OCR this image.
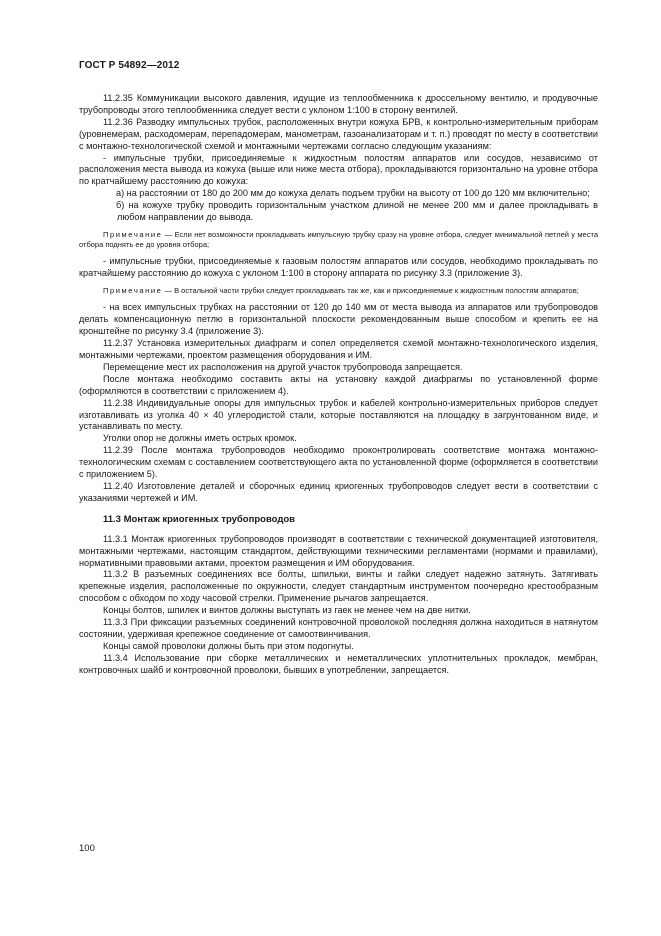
ГОСТ Р 54892—2012

11.2.35 Коммуникации высокого давления, идущие из теплообменника к дроссельному вентилю, и продувочные трубопроводы этого теплообменника следует вести с уклоном 1:100 в сторону вентилей.

11.2.36 Разводку импульсных трубок, расположенных внутри кожуха БРВ, к контрольно-измерительным приборам (уровнемерам, расходомерам, перепадомерам, манометрам, газоанализаторам и т. п.) проводят по месту в соответствии с монтажно-технологической схемой и монтажными чертежами согласно следующим указаниям:

- импульсные трубки, присоединяемые к жидкостным полостям аппаратов или сосудов, независимо от расположения места вывода из кожуха (выше или ниже места отбора), прокладываются горизонтально на уровне отбора по кратчайшему расстоянию до кожуха:

а) на расстоянии от 180 до 200 мм до кожуха делать подъем трубки на высоту от 100 до 120 мм включительно;

б) на кожухе трубку проводить горизонтальным участком длиной не менее 200 мм и далее прокладывать в любом направлении до вывода.

Примечание — Если нет возможности прокладывать импульсную трубку сразу на уровне отбора, следует минимальной петлей у места отбора поднять ее до уровня отбора;

- импульсные трубки, присоединяемые к газовым полостям аппаратов или сосудов, необходимо прокладывать по кратчайшему расстоянию до кожуха с уклоном 1:100 в сторону аппарата по рисунку 3.3 (приложение 3).

Примечание — В остальной части трубки следует прокладывать так же, как и присоединяемые к жидкостным полостям аппаратов;

- на всех импульсных трубках на расстоянии от 120 до 140 мм от места вывода из аппаратов или трубопроводов делать компенсационную петлю в горизонтальной плоскости рекомендованным выше способом и крепить ее на кронштейне по рисунку 3.4 (приложение 3).

11.2.37 Установка измерительных диафрагм и сопел определяется схемой монтажно-технологического изделия, монтажными чертежами, проектом размещения оборудования и ИМ.

Перемещение мест их расположения на другой участок трубопровода запрещается.

После монтажа необходимо составить акты на установку каждой диафрагмы по установленной форме (оформляются в соответствии с приложением 4).

11.2.38 Индивидуальные опоры для импульсных трубок и кабелей контрольно-измерительных приборов следует изготавливать из уголка 40 × 40 углеродистой стали, которые поставляются на площадку в загрунтованном виде, и устанавливать по месту.

Уголки опор не должны иметь острых кромок.

11.2.39 После монтажа трубопроводов необходимо проконтролировать соответствие монтажа монтажно-технологическим схемам с составлением соответствующего акта по установленной форме (оформляется в соответствии с приложением 5).

11.2.40 Изготовление деталей и сборочных единиц криогенных трубопроводов следует вести в соответствии с указаниями чертежей и ИМ.

11.3 Монтаж криогенных трубопроводов

11.3.1 Монтаж криогенных трубопроводов производят в соответствии с технической документацией изготовителя, монтажными чертежами, настоящим стандартом, действующими техническими регламентами (нормами и правилами), нормативными правовыми актами, проектом размещения и ИМ оборудования.

11.3.2 В разъемных соединениях все болты, шпильки, винты и гайки следует надежно затянуть. Затягивать крепежные изделия, расположенные по окружности, следует стандартным инструментом поочередно крестообразным способом с обходом по ходу часовой стрелки. Применение рычагов запрещается.

Концы болтов, шпилек и винтов должны выступать из гаек не менее чем на две нитки.

11.3.3 При фиксации разъемных соединений контровочной проволокой последняя должна находиться в натянутом состоянии, удерживая крепежное соединение от самоотвинчивания.

Концы самой проволоки должны быть при этом подогнуты.

11.3.4 Использование при сборке металлических и неметаллических уплотнительных прокладок, мембран, контровочных шайб и контровочной проволоки, бывших в употреблении, запрещается.

100
